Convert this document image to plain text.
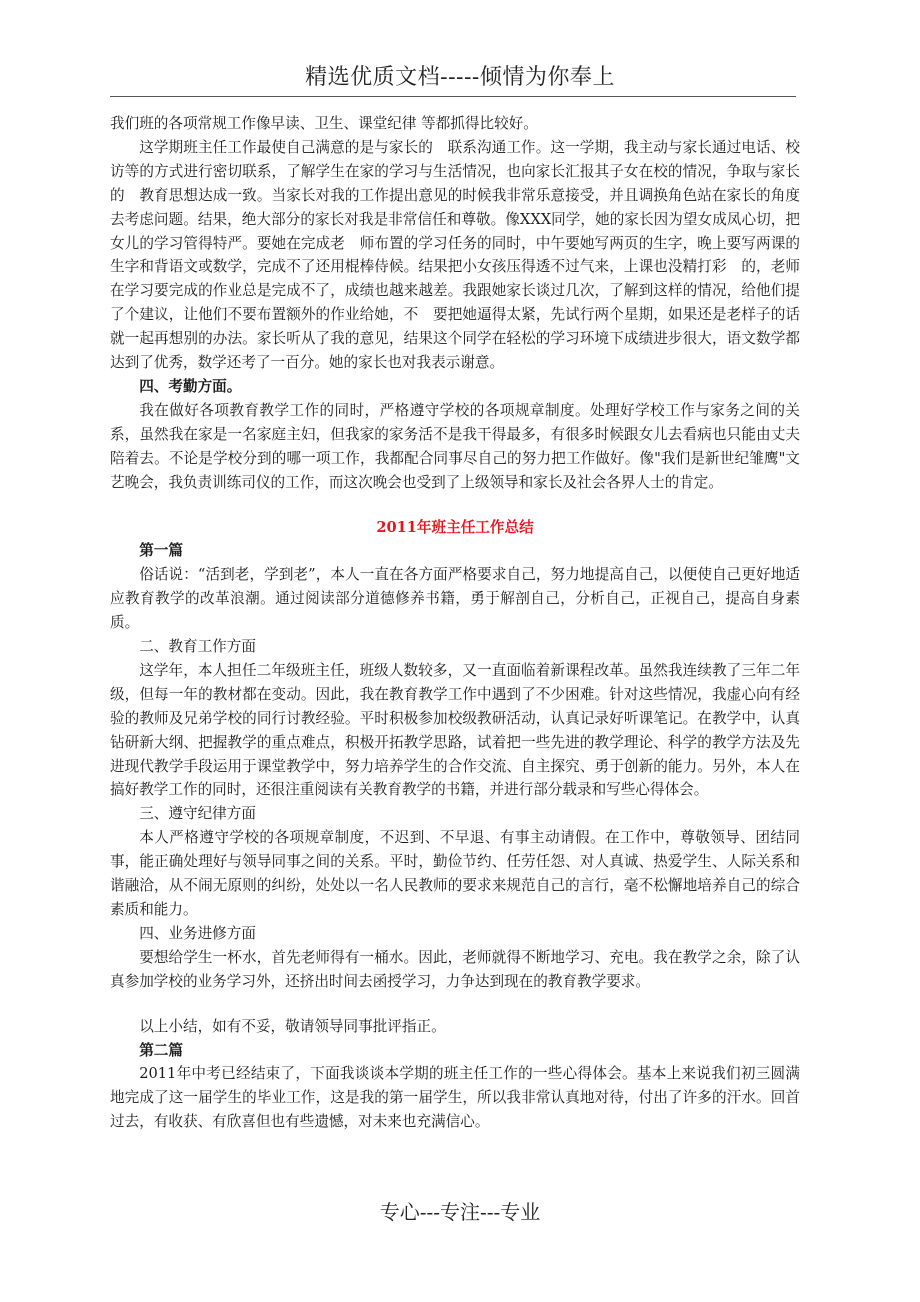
精选优质文档-----倾情为你奉上

我们班的各项常规工作像早读、卫生、课堂纪律 等都抓得比较好。

这学期班主任工作最使自己满意的是与家长的　联系沟通工作。这一学期，我主动与家长通过电话、校访等的方式进行密切联系，了解学生在家的学习与生活情况，也向家长汇报其子女在校的情况，争取与家长的　教育思想达成一致。当家长对我的工作提出意见的时候我非常乐意接受，并且调换角色站在家长的角度去考虑问题。结果，绝大部分的家长对我是非常信任和尊敬。像XXX同学，她的家长因为望女成凤心切，把女儿的学习管得特严。要她在完成老　师布置的学习任务的同时，中午要她写两页的生字，晚上要写两课的生字和背语文或数学，完成不了还用棍棒侍候。结果把小女孩压得透不过气来，上课也没精打彩　的，老师在学习要完成的作业总是完成不了，成绩也越来越差。我跟她家长谈过几次，了解到这样的情况，给他们提了个建议，让他们不要布置额外的作业给她，不　要把她逼得太紧，先试行两个星期，如果还是老样子的话就一起再想别的办法。家长听从了我的意见，结果这个同学在轻松的学习环境下成绩进步很大，语文数学都 达到了优秀，数学还考了一百分。她的家长也对我表示谢意。

四、考勤方面。

我在做好各项教育教学工作的同时，严格遵守学校的各项规章制度。处理好学校工作与家务之间的关系，虽然我在家是一名家庭主妇，但我家的家务活不是我干得最多，有很多时候跟女儿去看病也只能由丈夫陪着去。不论是学校分到的哪一项工作，我都配合同事尽自己的努力把工作做好。像"我们是新世纪雏鹰"文艺晚会，我负责训练司仪的工作，而这次晚会也受到了上级领导和家长及社会各界人士的肯定。

2011年班主任工作总结

第一篇

俗话说：“活到老，学到老”，本人一直在各方面严格要求自己，努力地提高自己，以便使自己更好地适应教育教学的改革浪潮。通过阅读部分道德修养书籍，勇于解剖自己，分析自己，正视自己，提高自身素质。

二、教育工作方面

这学年，本人担任二年级班主任，班级人数较多，又一直面临着新课程改革。虽然我连续教了三年二年级，但每一年的教材都在变动。因此，我在教育教学工作中遇到了不少困难。针对这些情况，我虚心向有经验的教师及兄弟学校的同行讨教经验。平时积极参加校级教研活动，认真记录好听课笔记。在教学中，认真钻研新大纲、把握教学的重点难点，积极开拓教学思路，试着把一些先进的教学理论、科学的教学方法及先进现代教学手段运用于课堂教学中，努力培养学生的合作交流、自主探究、勇于创新的能力。另外，本人在搞好教学工作的同时，还很注重阅读有关教育教学的书籍，并进行部分载录和写些心得体会。

三、遵守纪律方面

本人严格遵守学校的各项规章制度，不迟到、不早退、有事主动请假。在工作中，尊敬领导、团结同事，能正确处理好与领导同事之间的关系。平时，勤俭节约、任劳任怨、对人真诚、热爱学生、人际关系和谐融洽，从不闹无原则的纠纷，处处以一名人民教师的要求来规范自己的言行，毫不松懈地培养自己的综合素质和能力。

四、业务进修方面

要想给学生一杯水，首先老师得有一桶水。因此，老师就得不断地学习、充电。我在教学之余，除了认真参加学校的业务学习外，还挤出时间去函授学习，力争达到现在的教育教学要求。

以上小结，如有不妥，敬请领导同事批评指正。

第二篇

2011年中考已经结束了，下面我谈谈本学期的班主任工作的一些心得体会。基本上来说我们初三圆满地完成了这一届学生的毕业工作，这是我的第一届学生，所以我非常认真地对待，付出了许多的汗水。回首过去，有收获、有欣喜但也有些遗憾，对未来也充满信心。

专心---专注---专业
